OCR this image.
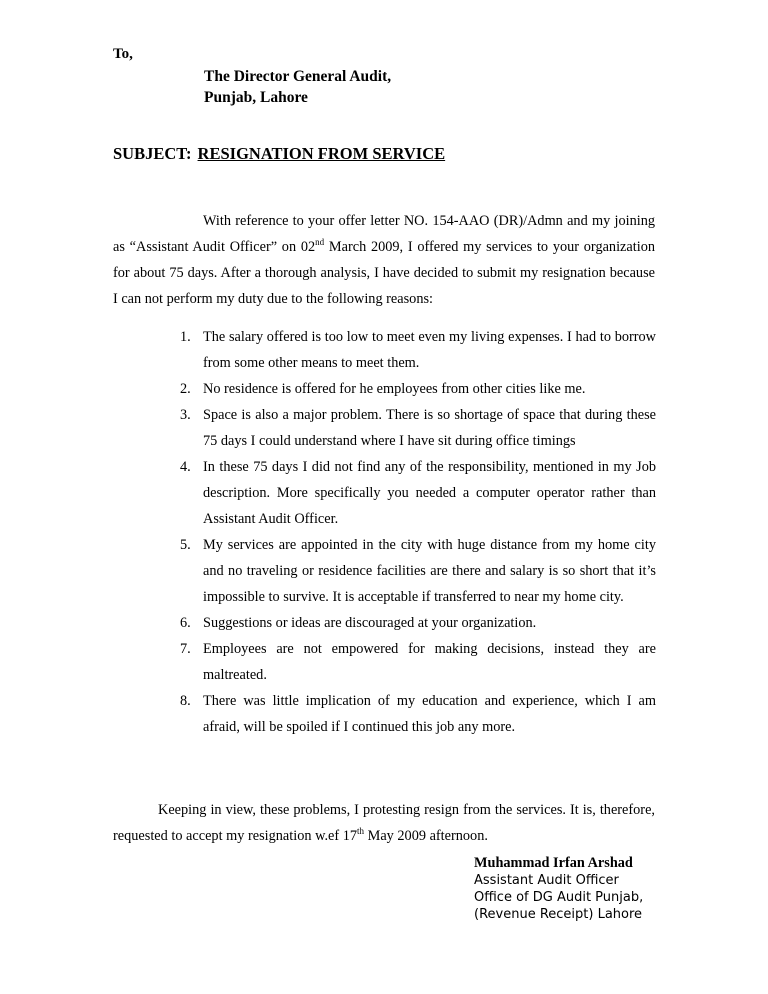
To,
The Director General Audit,
Punjab, Lahore
SUBJECT: RESIGNATION FROM SERVICE

With reference to your offer letter NO. 154-AAO (DR)/Admn and my joining as “Assistant Audit Officer” on 02nd March 2009, I offered my services to your organization for about 75 days. After a thorough analysis, I have decided to submit my resignation because I can not perform my duty due to the following reasons:

1. The salary offered is too low to meet even my living expenses. I had to borrow from some other means to meet them.
2. No residence is offered for he employees from other cities like me.
3. Space is also a major problem. There is so shortage of space that during these 75 days I could understand where I have sit during office timings
4. In these 75 days I did not find any of the responsibility, mentioned in my Job description. More specifically you needed a computer operator rather than Assistant Audit Officer.
5. My services are appointed in the city with huge distance from my home city and no traveling or residence facilities are there and salary is so short that it’s impossible to survive. It is acceptable if transferred to near my home city.
6. Suggestions or ideas are discouraged at your organization.
7. Employees are not empowered for making decisions, instead they are maltreated.
8. There was little implication of my education and experience, which I am afraid, will be spoiled if I continued this job any more.

Keeping in view, these problems, I protesting resign from the services. It is, therefore, requested to accept my resignation w.ef 17th May 2009 afternoon.

Muhammad Irfan Arshad
Assistant Audit Officer
Office of DG Audit Punjab,
(Revenue Receipt) Lahore
